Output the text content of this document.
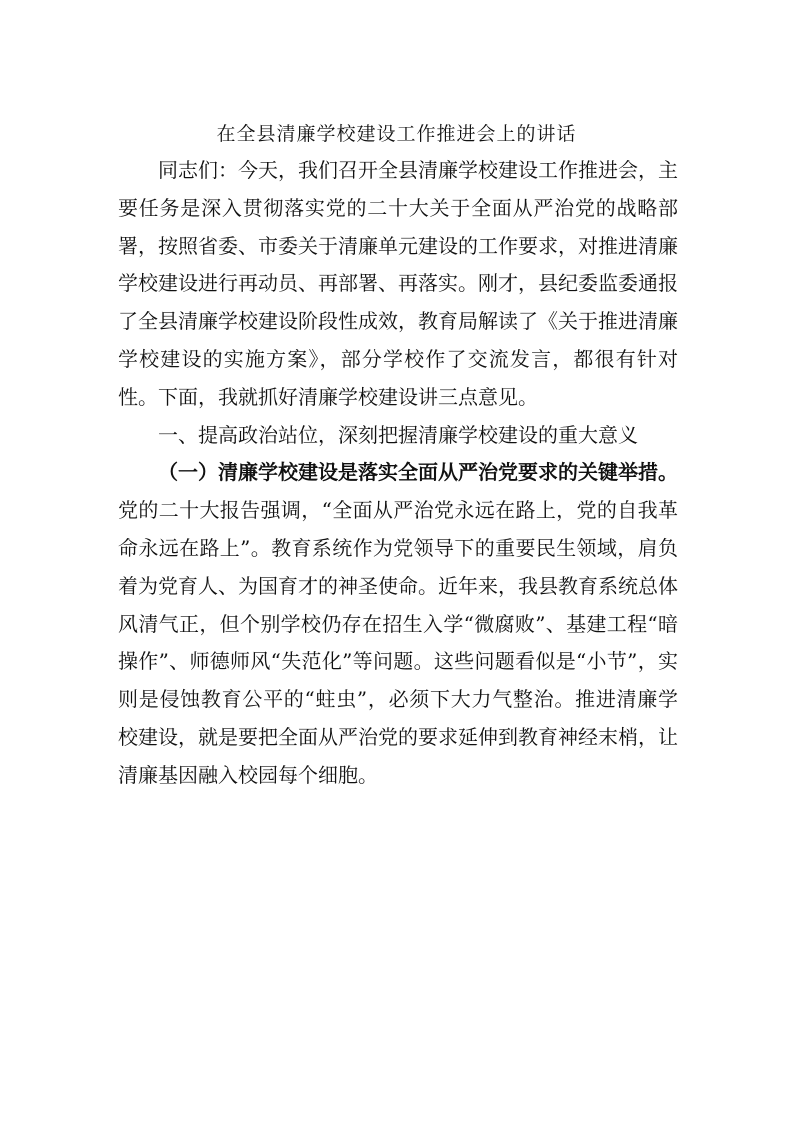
在全县清廉学校建设工作推进会上的讲话

同志们：今天，我们召开全县清廉学校建设工作推进会，主要任务是深入贯彻落实党的二十大关于全面从严治党的战略部署，按照省委、市委关于清廉单元建设的工作要求，对推进清廉学校建设进行再动员、再部署、再落实。刚才，县纪委监委通报了全县清廉学校建设阶段性成效，教育局解读了《关于推进清廉学校建设的实施方案》，部分学校作了交流发言，都很有针对性。下面，我就抓好清廉学校建设讲三点意见。

一、提高政治站位，深刻把握清廉学校建设的重大意义

（一）清廉学校建设是落实全面从严治党要求的关键举措。党的二十大报告强调，“全面从严治党永远在路上，党的自我革命永远在路上”。教育系统作为党领导下的重要民生领域，肩负着为党育人、为国育才的神圣使命。近年来，我县教育系统总体风清气正，但个别学校仍存在招生入学“微腐败”、基建工程“暗操作”、师德师风“失范化”等问题。这些问题看似是“小节”，实则是侵蚀教育公平的“蛀虫”，必须下大力气整治。推进清廉学校建设，就是要把全面从严治党的要求延伸到教育神经末梢，让清廉基因融入校园每个细胞。
